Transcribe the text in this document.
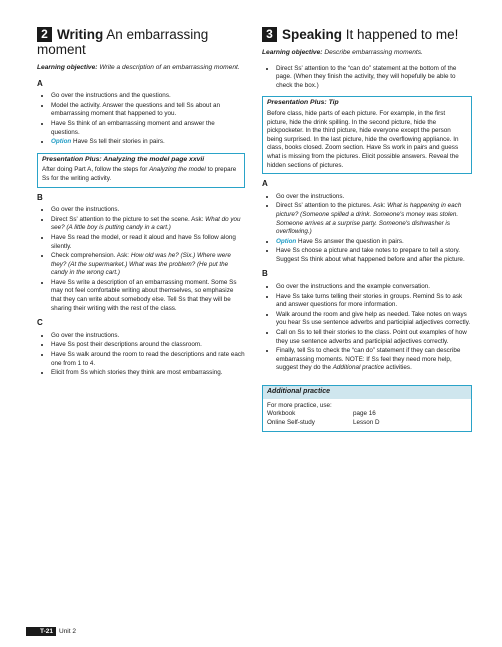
2 Writing An embarrassing moment

Learning objective: Write a description of an embarrassing moment.

A
• Go over the instructions and the questions.
• Model the activity. Answer the questions and tell Ss about an embarrassing moment that happened to you.
• Have Ss think of an embarrassing moment and answer the questions.
• Option Have Ss tell their stories in pairs.
Presentation Plus: Analyzing the model page xxvii
After doing Part A, follow the steps for Analyzing the model to prepare Ss for the writing activity.
B
• Go over the instructions.
• Direct Ss' attention to the picture to set the scene. Ask: What do you see? (A little boy is putting candy in a cart.)
• Have Ss read the model, or read it aloud and have Ss follow along silently.
• Check comprehension. Ask: How old was he? (Six.) Where were they? (At the supermarket.) What was the problem? (He put the candy in the wrong cart.)
• Have Ss write a description of an embarrassing moment. Some Ss may not feel comfortable writing about themselves, so emphasize that they can write about somebody else. Tell Ss that they will be sharing their writing with the rest of the class.
C
• Go over the instructions.
• Have Ss post their descriptions around the classroom.
• Have Ss walk around the room to read the descriptions and rate each one from 1 to 4.
• Elicit from Ss which stories they think are most embarrassing.
3 Speaking It happened to me!

Learning objective: Describe embarrassing moments.

• Direct Ss' attention to the “can do” statement at the bottom of the page. (When they finish the activity, they will hopefully be able to check the box.)
Presentation Plus: Tip
Before class, hide parts of each picture. For example, in the first picture, hide the drink spilling. In the second picture, hide the pickpocketer. In the third picture, hide everyone except the person being surprised. In the last picture, hide the overflowing appliance. In class, books closed. Zoom section. Have Ss work in pairs and guess what is missing from the pictures. Elicit possible answers. Reveal the hidden sections of pictures.
A
• Go over the instructions.
• Direct Ss' attention to the pictures. Ask: What is happening in each picture? (Someone spilled a drink. Someone's money was stolen. Someone arrives at a surprise party. Someone's dishwasher is overflowing.)
• Option Have Ss answer the question in pairs.
• Have Ss choose a picture and take notes to prepare to tell a story. Suggest Ss think about what happened before and after the picture.
B
• Go over the instructions and the example conversation.
• Have Ss take turns telling their stories in groups. Remind Ss to ask and answer questions for more information.
• Walk around the room and give help as needed. Take notes on ways you hear Ss use sentence adverbs and participial adjectives correctly.
• Call on Ss to tell their stories to the class. Point out examples of how they use sentence adverbs and participial adjectives correctly.
• Finally, tell Ss to check the “can do” statement if they can describe embarrassing moments. NOTE: If Ss feel they need more help, suggest they do the Additional practice activities.
Additional practice
For more practice, use:
Workbook	page 16
Online Self-study	Lesson D
T-21 Unit 2
